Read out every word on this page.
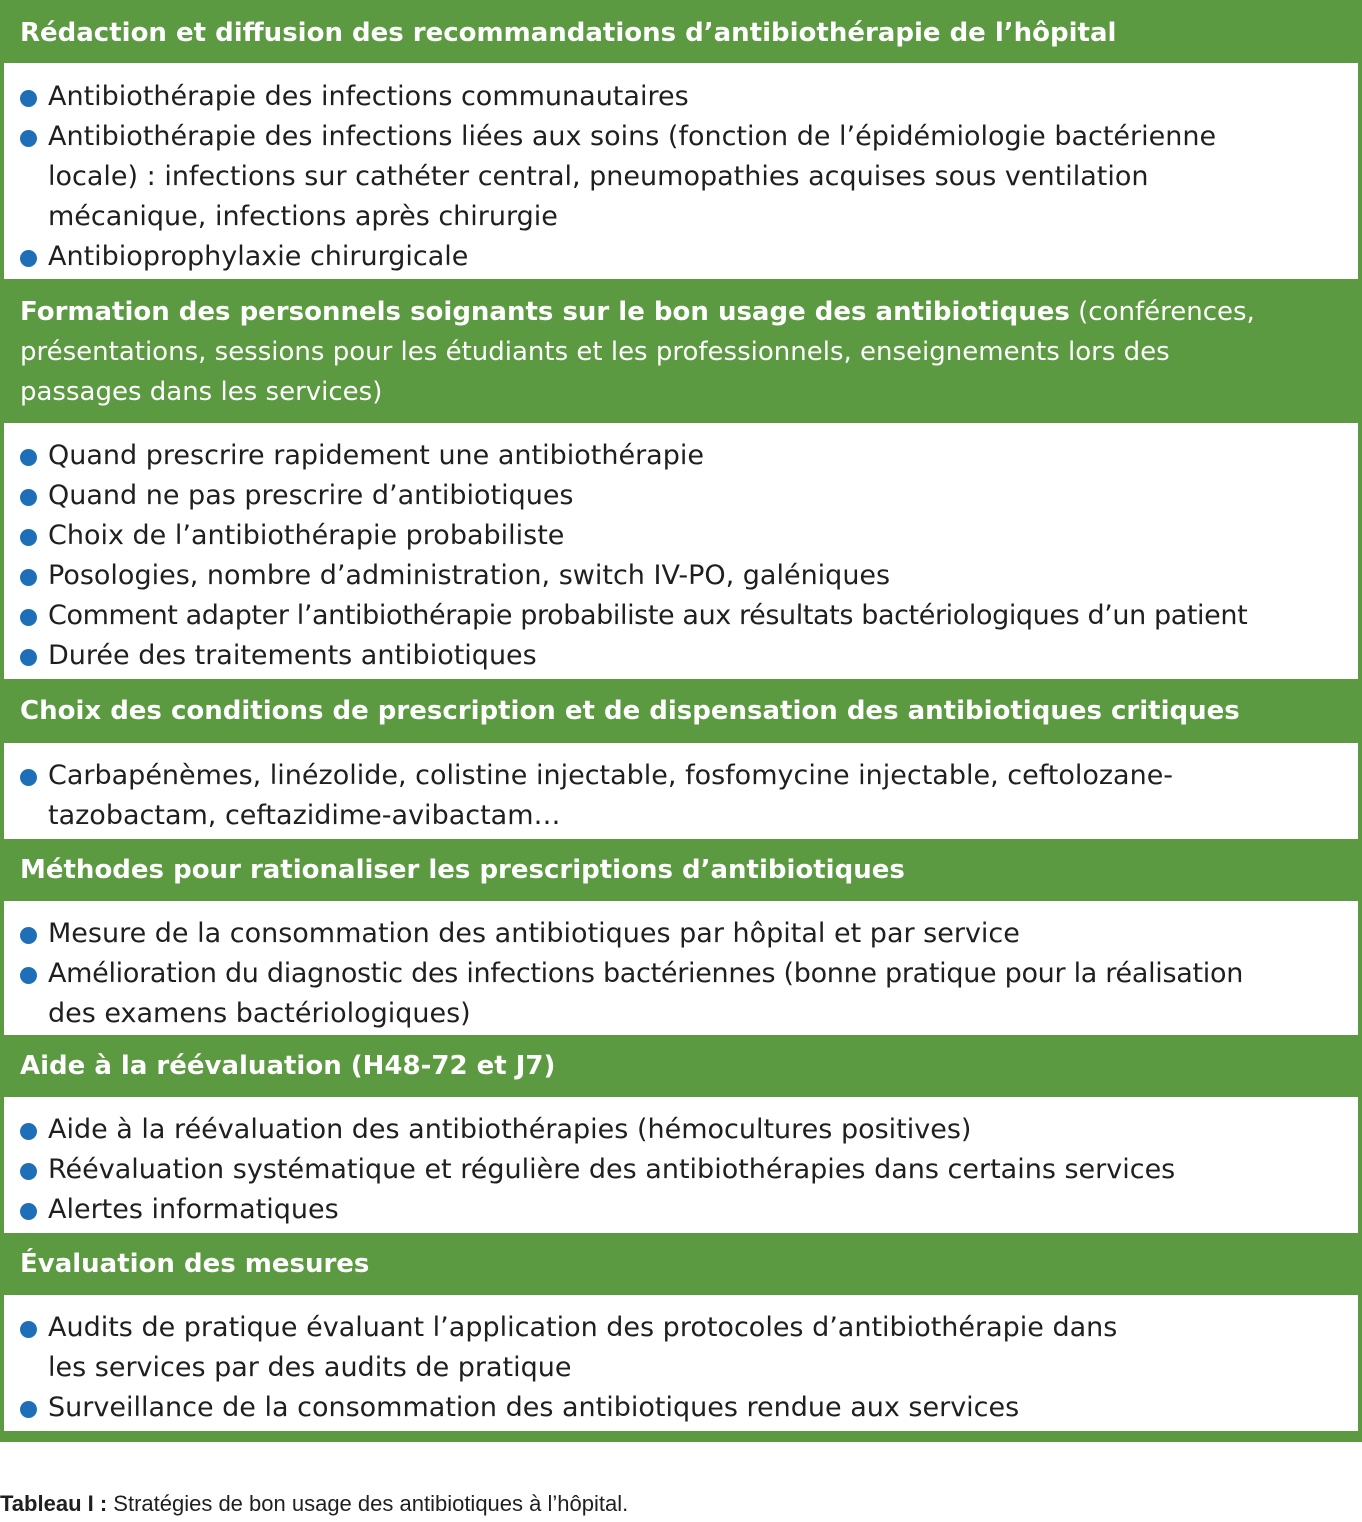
Rédaction et diffusion des recommandations d’antibiothérapie de l’hôpital
Antibiothérapie des infections communautaires
Antibiothérapie des infections liées aux soins (fonction de l’épidémiologie bactérienne
locale) : infections sur cathéter central, pneumopathies acquises sous ventilation
mécanique, infections après chirurgie
Antibioprophylaxie chirurgicale
Formation des personnels soignants sur le bon usage des antibiotiques (conférences,
présentations, sessions pour les étudiants et les professionnels, enseignements lors des
passages dans les services)
Quand prescrire rapidement une antibiothérapie
Quand ne pas prescrire d’antibiotiques
Choix de l’antibiothérapie probabiliste
Posologies, nombre d’administration, switch IV-PO, galéniques
Comment adapter l’antibiothérapie probabiliste aux résultats bactériologiques d’un patient
Durée des traitements antibiotiques
Choix des conditions de prescription et de dispensation des antibiotiques critiques
Carbapénèmes, linézolide, colistine injectable, fosfomycine injectable, ceftolozane-
tazobactam, ceftazidime-avibactam…
Méthodes pour rationaliser les prescriptions d’antibiotiques
Mesure de la consommation des antibiotiques par hôpital et par service
Amélioration du diagnostic des infections bactériennes (bonne pratique pour la réalisation
des examens bactériologiques)
Aide à la réévaluation (H48-72 et J7)
Aide à la réévaluation des antibiothérapies (hémocultures positives)
Réévaluation systématique et régulière des antibiothérapies dans certains services
Alertes informatiques
Évaluation des mesures
Audits de pratique évaluant l’application des protocoles d’antibiothérapie dans
les services par des audits de pratique
Surveillance de la consommation des antibiotiques rendue aux services
Tableau I : Stratégies de bon usage des antibiotiques à l’hôpital.
